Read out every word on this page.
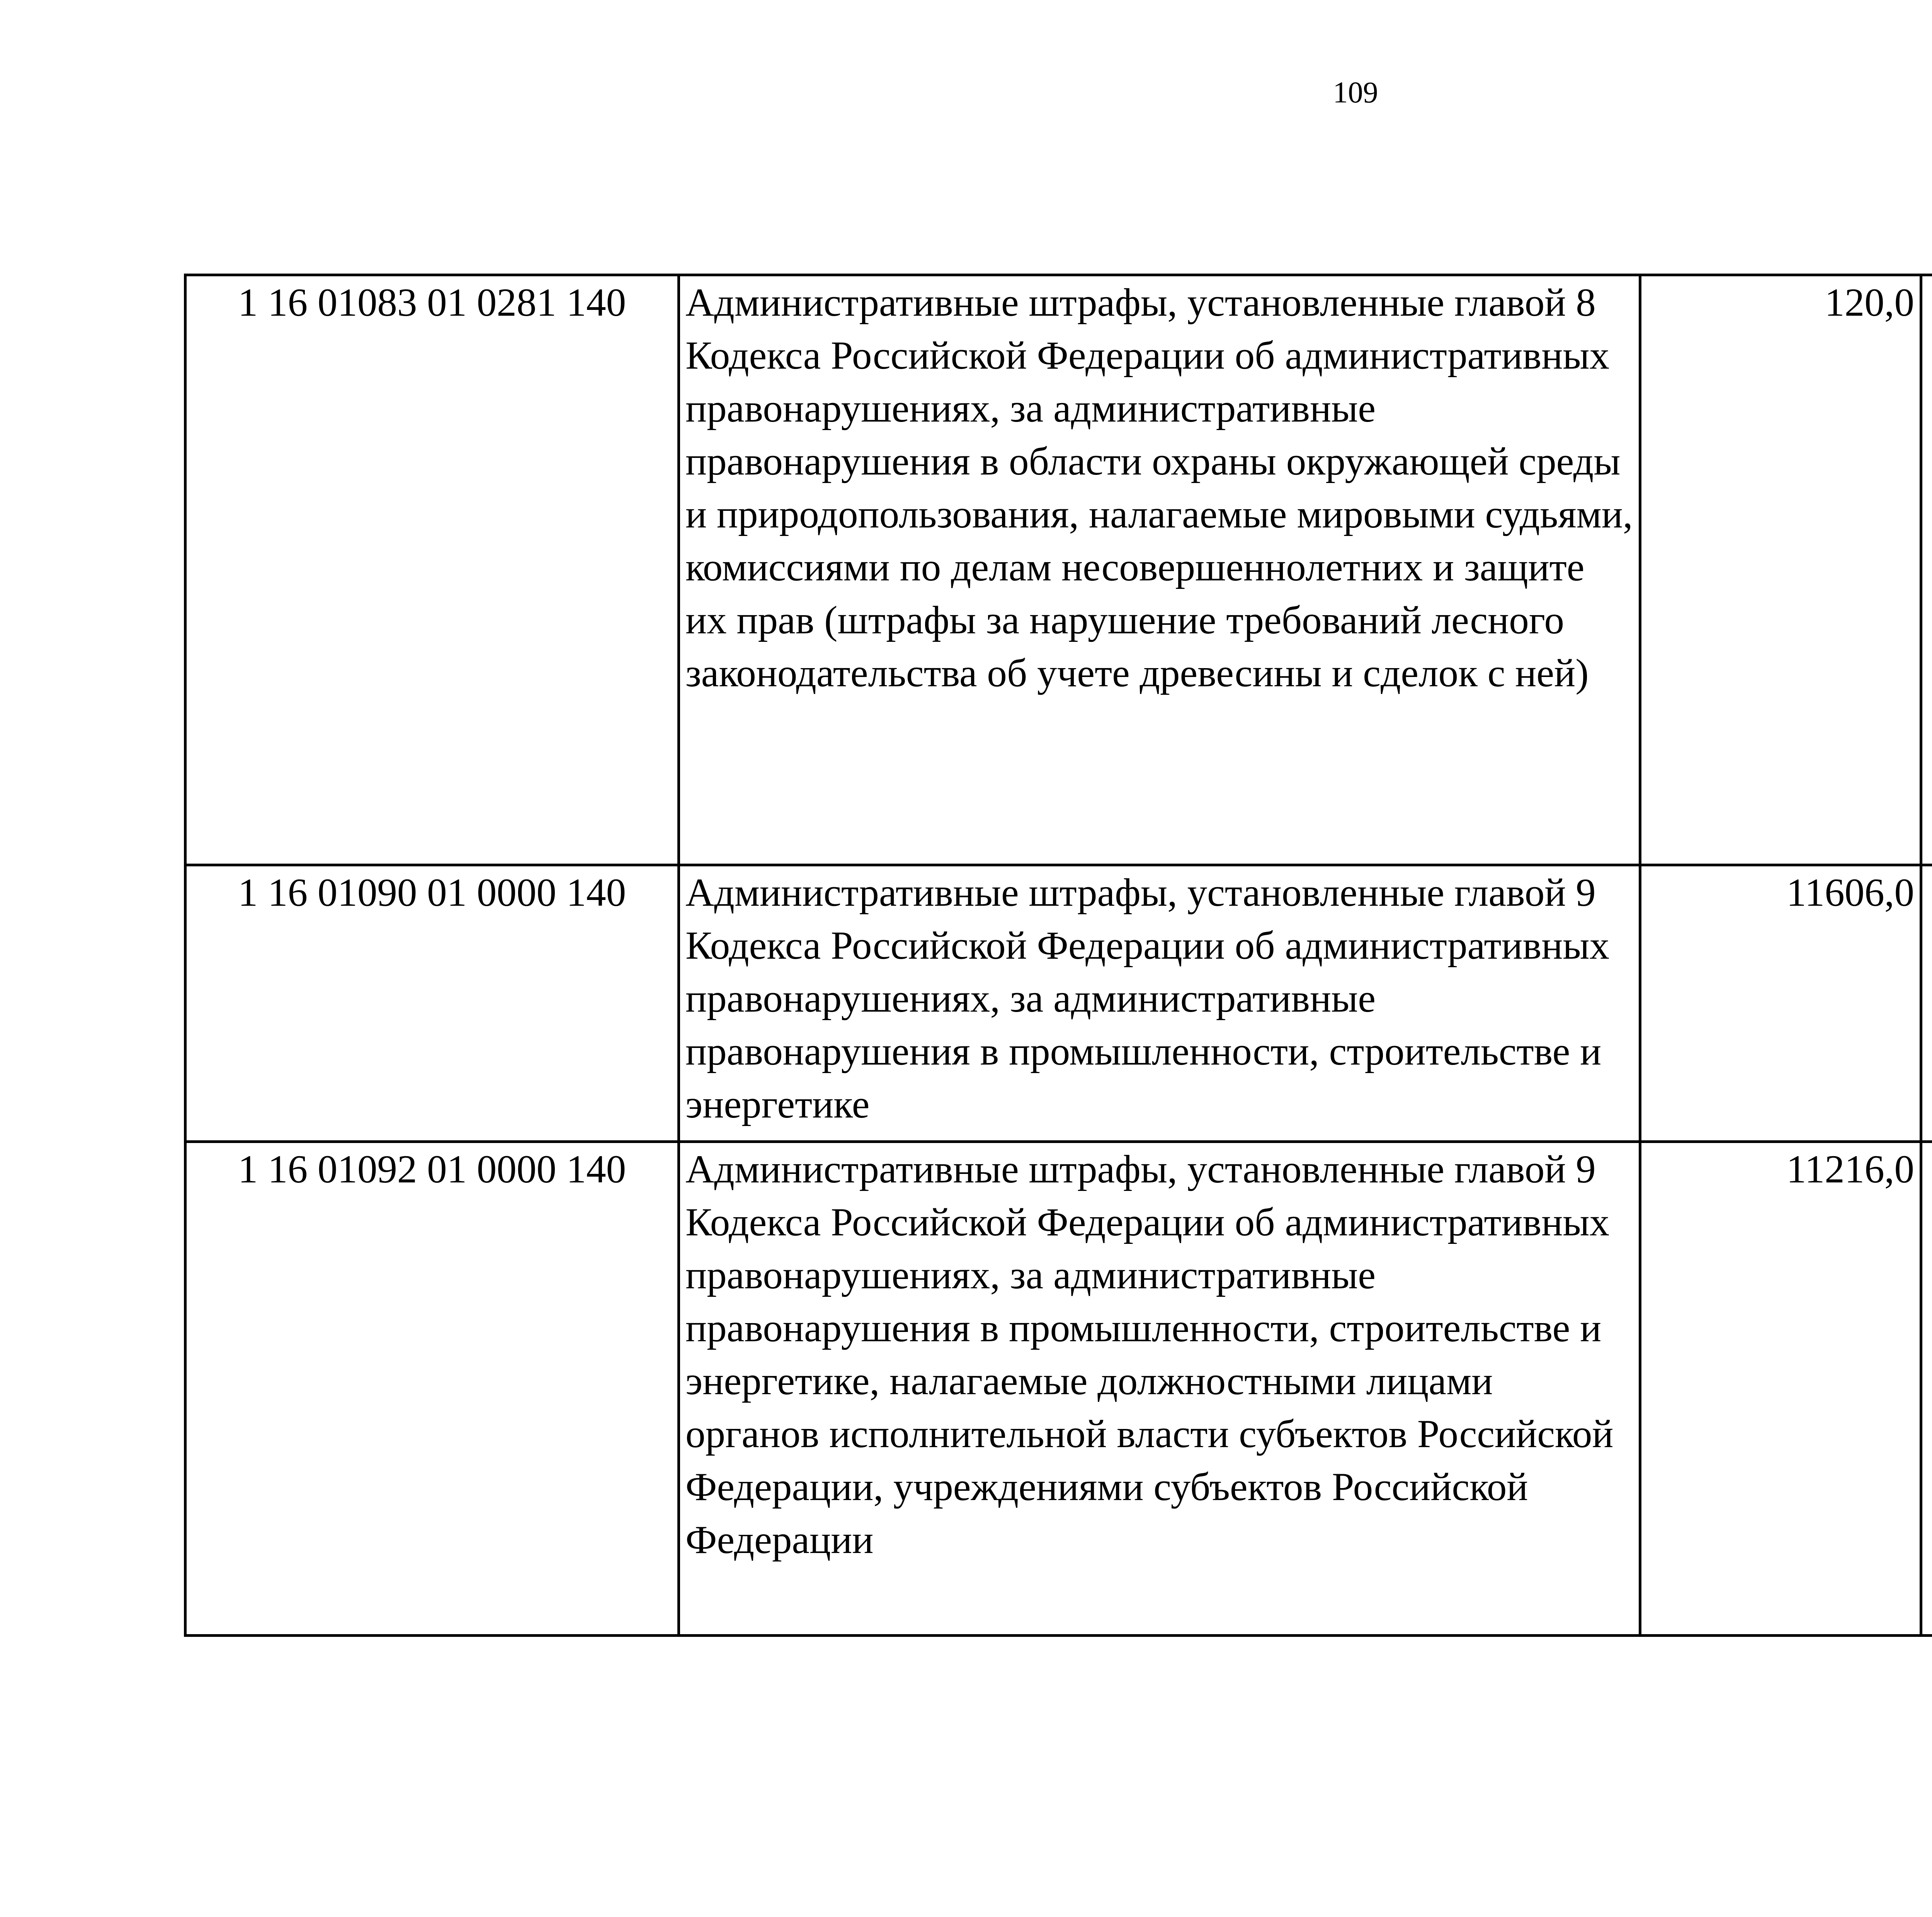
109
1 16 01083 01 0281 140	Административные штрафы, установленные главой 8 Кодекса Российской Федерации об административных правонарушениях, за административные правонарушения в области охраны окружающей среды и природопользования, налагаемые мировыми судьями, комиссиями по делам несовершеннолетних и защите их прав (штрафы за нарушение требований лесного законодательства об учете древесины и сделок с ней)	120,0		
1 16 01090 01 0000 140	Административные штрафы, установленные главой 9 Кодекса Российской Федерации об административных правонарушениях, за административные правонарушения в промышленности, строительстве и энергетике	11606,0		
1 16 01092 01 0000 140	Административные штрафы, установленные главой 9 Кодекса Российской Федерации об административных правонарушениях, за административные правонарушения в промышленности, строительстве и энергетике, налагаемые должностными лицами органов исполнительной власти субъектов Российской Федерации, учреждениями субъектов Российской Федерации	11216,0		
